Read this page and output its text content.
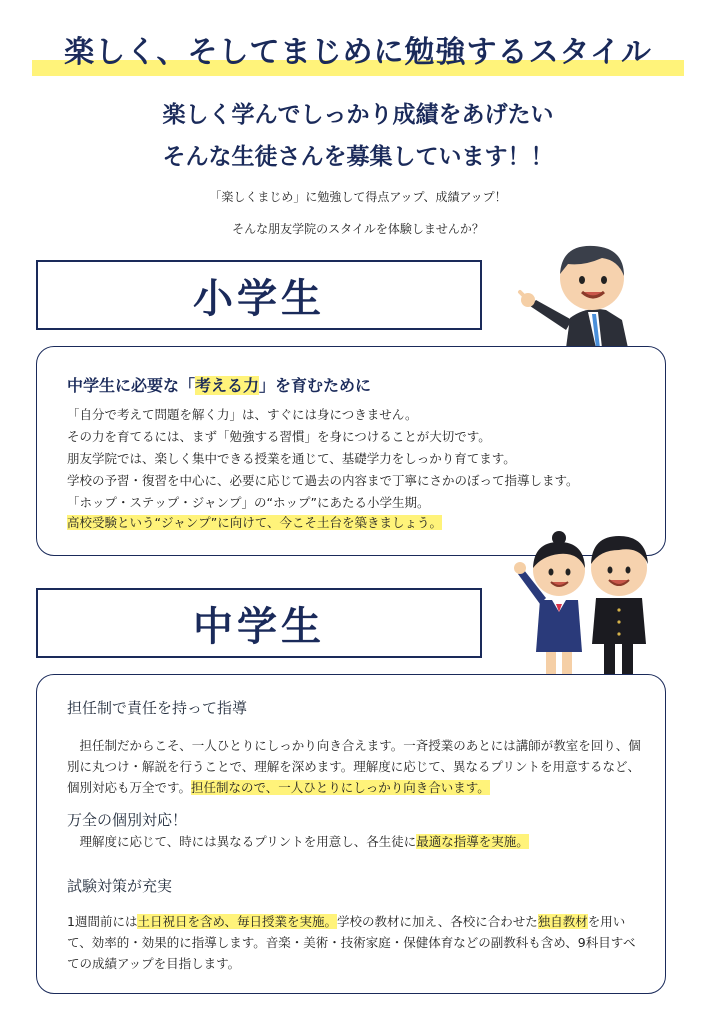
楽しく、そしてまじめに勉強するスタイル
楽しく学んでしっかり成績をあげたい
そんな生徒さんを募集しています！！
「楽しくまじめ」に勉強して得点アップ、成績アップ！
そんな朋友学院のスタイルを体験しませんか？
小学生
中学生に必要な「考える力」を育むために
「自分で考えて問題を解く力」は、すぐには身につきません。
その力を育てるには、まず「勉強する習慣」を身につけることが大切です。
朋友学院では、楽しく集中できる授業を通じて、基礎学力をしっかり育てます。
学校の予習・復習を中心に、必要に応じて過去の内容まで丁寧にさかのぼって指導します。
「ホップ・ステップ・ジャンプ」の“ホップ”にあたる小学生期。
高校受験という“ジャンプ”に向けて、今こそ土台を築きましょう。
中学生
担任制で責任を持って指導
　担任制だからこそ、一人ひとりにしっかり向き合えます。一斉授業のあとには講師が教室を回り、個別に丸つけ・解説を行うことで、理解を深めます。理解度に応じて、異なるプリントを用意するなど、個別対応も万全です。担任制なので、一人ひとりにしっかり向き合います。
万全の個別対応！
　理解度に応じて、時には異なるプリントを用意し、各生徒に最適な指導を実施。
試験対策が充実
1週間前には土日祝日を含め、毎日授業を実施。学校の教材に加え、各校に合わせた独自教材を用いて、効率的・効果的に指導します。音楽・美術・技術家庭・保健体育などの副教科も含め、9科目すべての成績アップを目指します。
